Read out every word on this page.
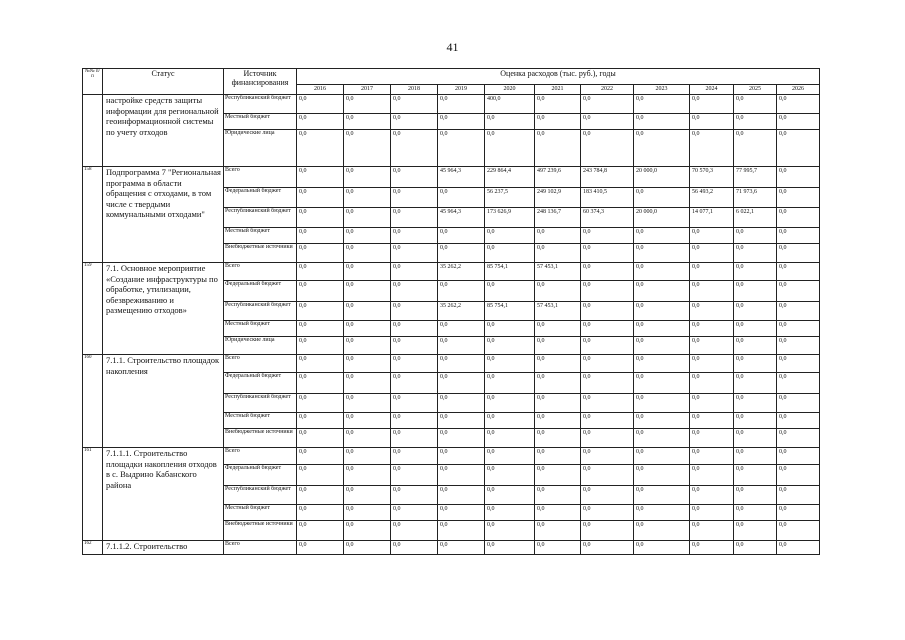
41
№№ п/п	Статус	Источник финансирования	Оценка расходов (тыс. руб.), годы										
			2016	2017	2018	2019	2020	2021	2022	2023	2024	2025	2026
	настройке средств защиты информации для региональной геоинформационной системы по учету отходов	Республиканский бюджет	0,0	0,0	0,0	0,0	400,0	0,0	0,0	0,0	0,0	0,0	0,0
		Местный бюджет	0,0	0,0	0,0	0,0	0,0	0,0	0,0	0,0	0,0	0,0	0,0
		Юридические лица	0,0	0,0	0,0	0,0	0,0	0,0	0,0	0,0	0,0	0,0	0,0
158	Подпрограмма 7 "Региональная программа в области обращения с отходами, в том числе с твердыми коммунальными отходами"	Всего	0,0	0,0	0,0	45 964,3	229 864,4	497 239,6	243 784,8	20 000,0	70 570,3	77 995,7	0,0
		Федеральный бюджет	0,0	0,0	0,0	0,0	56 237,5	249 102,9	183 410,5	0,0	56 493,2	71 973,6	0,0
		Республиканский бюджет	0,0	0,0	0,0	45 964,3	173 626,9	248 136,7	60 374,3	20 000,0	14 077,1	6 022,1	0,0
		Местный бюджет	0,0	0,0	0,0	0,0	0,0	0,0	0,0	0,0	0,0	0,0	0,0
		Внебюджетные источники	0,0	0,0	0,0	0,0	0,0	0,0	0,0	0,0	0,0	0,0	0,0
159	7.1. Основное мероприятие «Создание инфраструктуры по обработке, утилизации, обезвреживанию и размещению отходов»	Всего	0,0	0,0	0,0	35 262,2	85 754,1	57 453,1	0,0	0,0	0,0	0,0	0,0
		Федеральный бюджет	0,0	0,0	0,0	0,0	0,0	0,0	0,0	0,0	0,0	0,0	0,0
		Республиканский бюджет	0,0	0,0	0,0	35 262,2	85 754,1	57 453,1	0,0	0,0	0,0	0,0	0,0
		Местный бюджет	0,0	0,0	0,0	0,0	0,0	0,0	0,0	0,0	0,0	0,0	0,0
		Юридические лица	0,0	0,0	0,0	0,0	0,0	0,0	0,0	0,0	0,0	0,0	0,0
160	7.1.1. Строительство площадок накопления	Всего	0,0	0,0	0,0	0,0	0,0	0,0	0,0	0,0	0,0	0,0	0,0
		Федеральный бюджет	0,0	0,0	0,0	0,0	0,0	0,0	0,0	0,0	0,0	0,0	0,0
		Республиканский бюджет	0,0	0,0	0,0	0,0	0,0	0,0	0,0	0,0	0,0	0,0	0,0
		Местный бюджет	0,0	0,0	0,0	0,0	0,0	0,0	0,0	0,0	0,0	0,0	0,0
		Внебюджетные источники	0,0	0,0	0,0	0,0	0,0	0,0	0,0	0,0	0,0	0,0	0,0
161	7.1.1.1. Строительство площадки накопления отходов в с. Выдрино Кабанского района	Всего	0,0	0,0	0,0	0,0	0,0	0,0	0,0	0,0	0,0	0,0	0,0
		Федеральный бюджет	0,0	0,0	0,0	0,0	0,0	0,0	0,0	0,0	0,0	0,0	0,0
		Республиканский бюджет	0,0	0,0	0,0	0,0	0,0	0,0	0,0	0,0	0,0	0,0	0,0
		Местный бюджет	0,0	0,0	0,0	0,0	0,0	0,0	0,0	0,0	0,0	0,0	0,0
		Внебюджетные источники	0,0	0,0	0,0	0,0	0,0	0,0	0,0	0,0	0,0	0,0	0,0
162	7.1.1.2. Строительство	Всего	0,0	0,0	0,0	0,0	0,0	0,0	0,0	0,0	0,0	0,0	0,0
